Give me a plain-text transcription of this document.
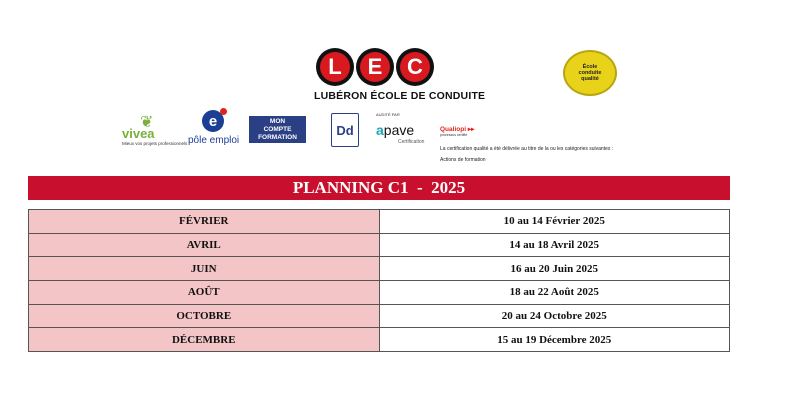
L	E	C
LUBÉRON ÉCOLE DE CONDUITE
École
conduite
qualité
❦
vivea
Mieux vos projets professionnels
e
pôle emploi
MON
COMPTE
FORMATION	Dd
AUDITÉ PAR
apave
Certification
Qualiopi ▸▸
processus certifié
La certification qualité a été délivrée au titre de la ou les catégories suivantes :
Actions de formation
PLANNING C1  -  2025
FÉVRIER	10 au 14 Février 2025
AVRIL	14 au 18 Avril 2025
JUIN	16 au 20 Juin 2025
AOÛT	18 au 22 Août 2025
OCTOBRE	20 au 24 Octobre 2025
DÉCEMBRE	15 au 19 Décembre 2025
